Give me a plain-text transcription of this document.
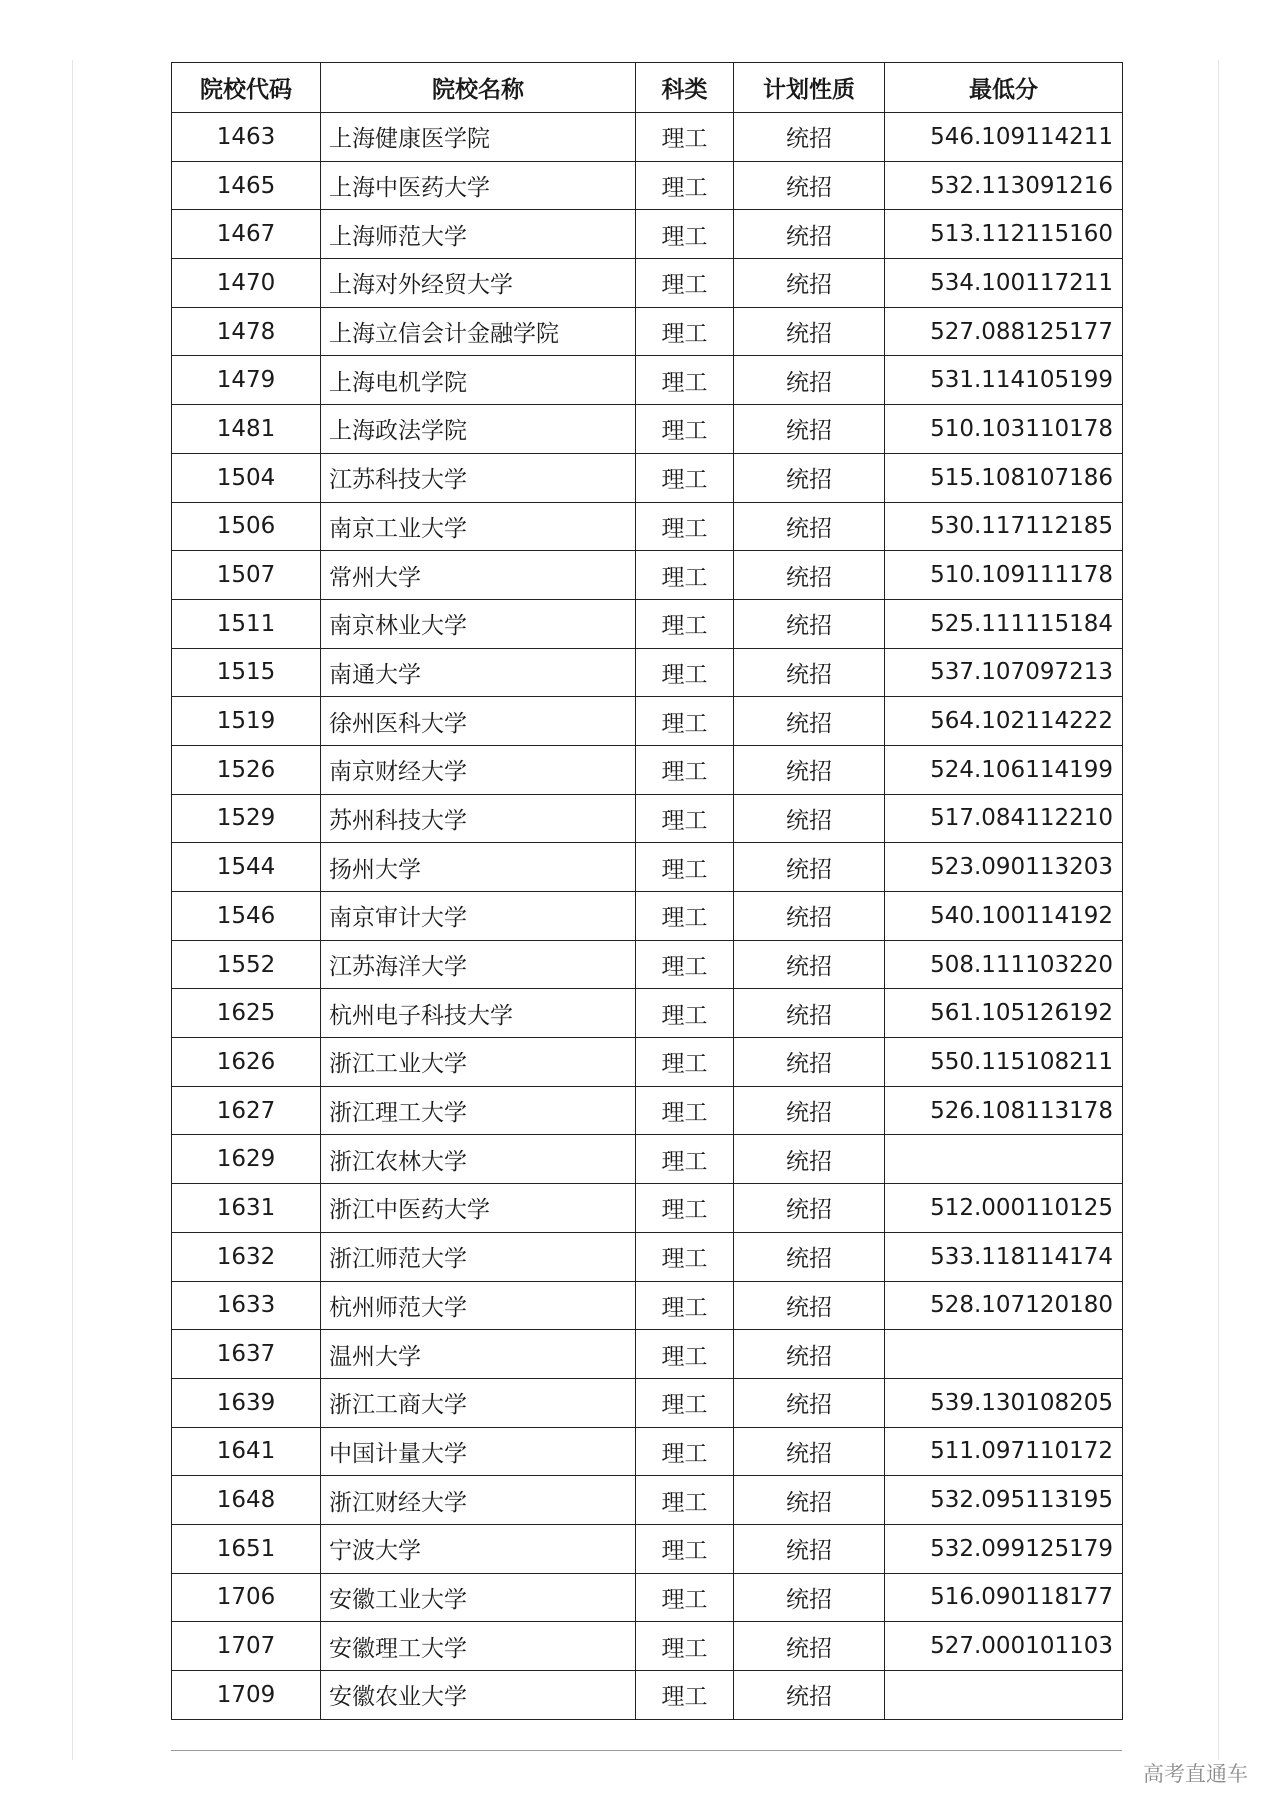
院校代码	院校名称	科类	计划性质	最低分
1463	上海健康医学院	理工	统招	546.109114211
1465	上海中医药大学	理工	统招	532.113091216
1467	上海师范大学	理工	统招	513.112115160
1470	上海对外经贸大学	理工	统招	534.100117211
1478	上海立信会计金融学院	理工	统招	527.088125177
1479	上海电机学院	理工	统招	531.114105199
1481	上海政法学院	理工	统招	510.103110178
1504	江苏科技大学	理工	统招	515.108107186
1506	南京工业大学	理工	统招	530.117112185
1507	常州大学	理工	统招	510.109111178
1511	南京林业大学	理工	统招	525.111115184
1515	南通大学	理工	统招	537.107097213
1519	徐州医科大学	理工	统招	564.102114222
1526	南京财经大学	理工	统招	524.106114199
1529	苏州科技大学	理工	统招	517.084112210
1544	扬州大学	理工	统招	523.090113203
1546	南京审计大学	理工	统招	540.100114192
1552	江苏海洋大学	理工	统招	508.111103220
1625	杭州电子科技大学	理工	统招	561.105126192
1626	浙江工业大学	理工	统招	550.115108211
1627	浙江理工大学	理工	统招	526.108113178
1629	浙江农林大学	理工	统招	
1631	浙江中医药大学	理工	统招	512.000110125
1632	浙江师范大学	理工	统招	533.118114174
1633	杭州师范大学	理工	统招	528.107120180
1637	温州大学	理工	统招	
1639	浙江工商大学	理工	统招	539.130108205
1641	中国计量大学	理工	统招	511.097110172
1648	浙江财经大学	理工	统招	532.095113195
1651	宁波大学	理工	统招	532.099125179
1706	安徽工业大学	理工	统招	516.090118177
1707	安徽理工大学	理工	统招	527.000101103
1709	安徽农业大学	理工	统招	
高考直通车
